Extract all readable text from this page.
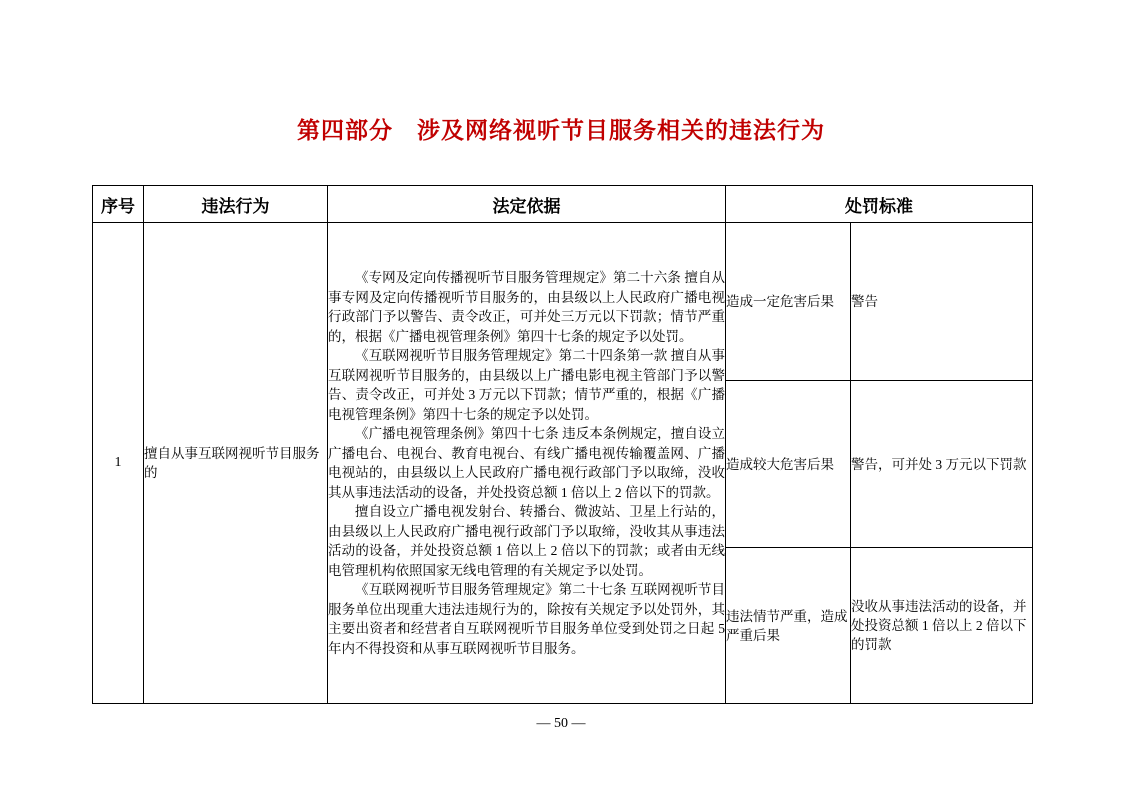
第四部分　涉及网络视听节目服务相关的违法行为
序号	违法行为	法定依据	处罚标准	
1	擅自从事互联网视听节目服务的	《专网及定向传播视听节目服务管理规定》第二十六条 擅自从事专网及定向传播视听节目服务的，由县级以上人民政府广播电视行政部门予以警告、责令改正，可并处三万元以下罚款；情节严重的，根据《广播电视管理条例》第四十七条的规定予以处罚。

《互联网视听节目服务管理规定》第二十四条第一款 擅自从事互联网视听节目服务的，由县级以上广播电影电视主管部门予以警告、责令改正，可并处 3 万元以下罚款；情节严重的，根据《广播电视管理条例》第四十七条的规定予以处罚。

《广播电视管理条例》第四十七条 违反本条例规定，擅自设立广播电台、电视台、教育电视台、有线广播电视传输覆盖网、广播电视站的，由县级以上人民政府广播电视行政部门予以取缔，没收其从事违法活动的设备，并处投资总额 1 倍以上 2 倍以下的罚款。

擅自设立广播电视发射台、转播台、微波站、卫星上行站的，由县级以上人民政府广播电视行政部门予以取缔，没收其从事违法活动的设备，并处投资总额 1 倍以上 2 倍以下的罚款；或者由无线电管理机构依照国家无线电管理的有关规定予以处罚。

《互联网视听节目服务管理规定》第二十七条 互联网视听节目服务单位出现重大违法违规行为的，除按有关规定予以处罚外，其主要出资者和经营者自互联网视听节目服务单位受到处罚之日起 5 年内不得投资和从事互联网视听节目服务。	造成一定危害后果	警告
			造成较大危害后果	警告，可并处 3 万元以下罚款
			违法情节严重，造成严重后果	没收从事违法活动的设备，并处投资总额 1 倍以上 2 倍以下的罚款
— 50 —
